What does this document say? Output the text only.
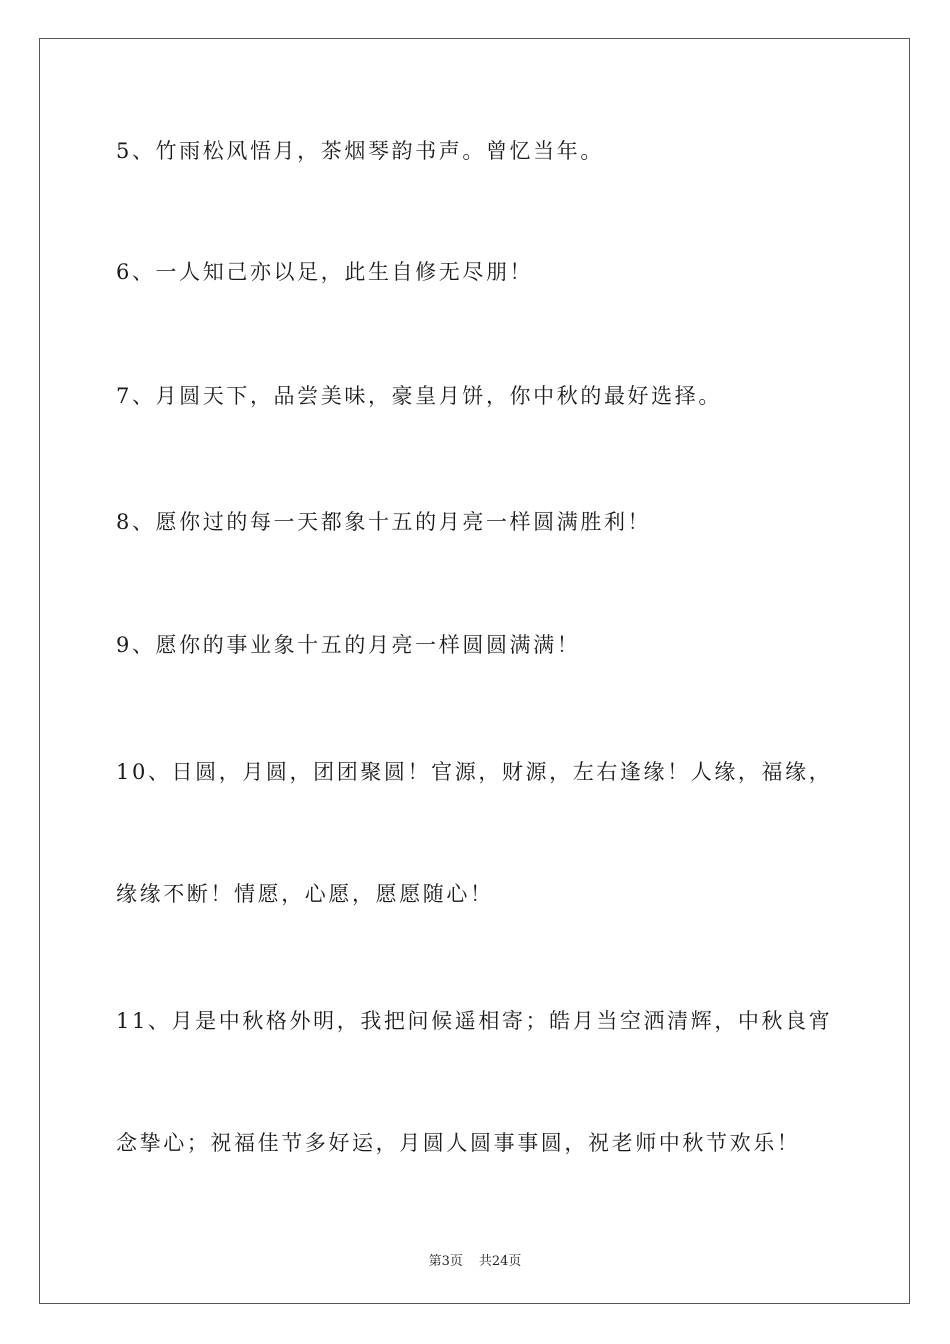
5、竹雨松风悟月，茶烟琴韵书声。曾忆当年。
6、一人知己亦以足，此生自修无尽朋！
7、月圆天下，品尝美味，豪皇月饼，你中秋的最好选择。
8、愿你过的每一天都象十五的月亮一样圆满胜利！
9、愿你的事业象十五的月亮一样圆圆满满！
10、日圆，月圆，团团聚圆！官源，财源，左右逢缘！人缘，福缘，
缘缘不断！情愿，心愿，愿愿随心！
11、月是中秋格外明，我把问候遥相寄；皓月当空洒清辉，中秋良宵
念挚心；祝福佳节多好运，月圆人圆事事圆，祝老师中秋节欢乐！
第3页 共24页
